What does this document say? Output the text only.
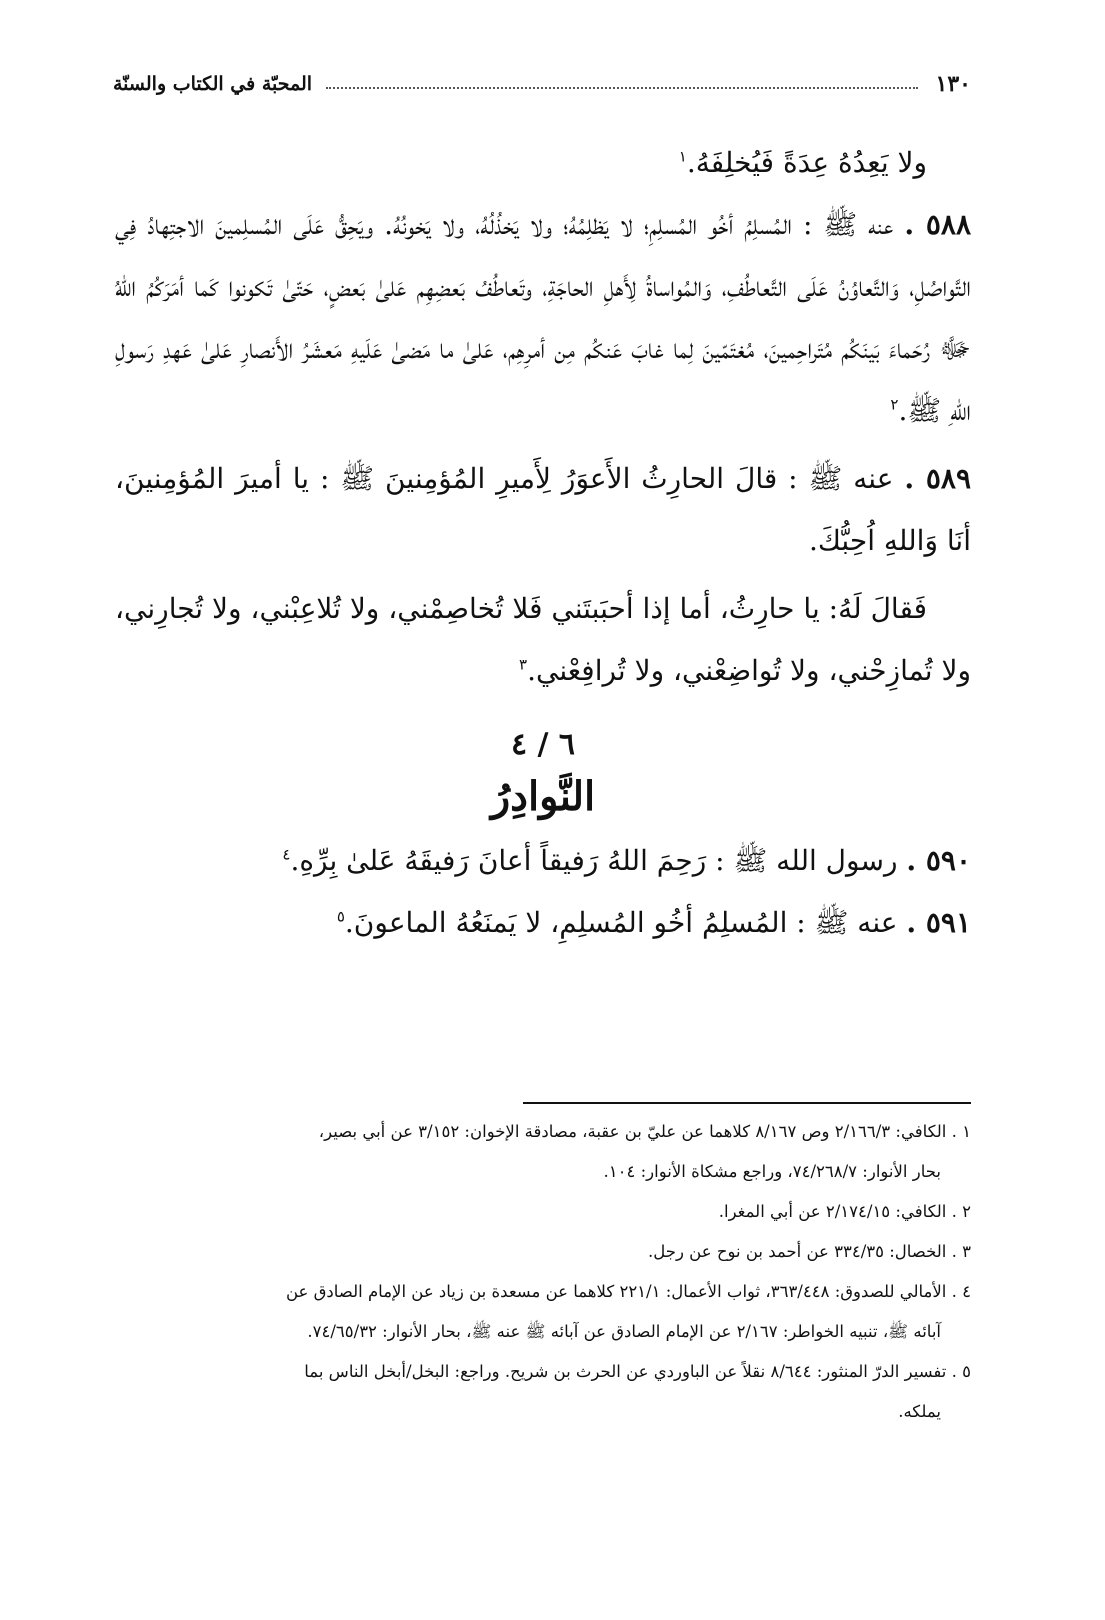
١٣٠
المحبّة في الكتاب والسنّة

ولا يَعِدُهُ عِدَةً فَيُخلِفَهُ.$^١$

٥٨٨ . عنه ﷺ : المُسلِمُ أخُو المُسلِمِ؛ لا يَظلِمُهُ؛ ولا يَخذُلُهُ، ولا يَخونُهُ. ويَحِقُّ عَلَى المُسلِمينَ الاجتِهادُ فِي التَّواصُلِ، وَالتَّعاوُنُ عَلَى التَّعاطُفِ، وَالمُواساةُ لِأَهلِ الحاجَةِ، وتَعاطُفُ بَعضِهِم عَلىٰ بَعضٍ، حَتّىٰ تَكونوا كَما أمَرَكُمُ اللهُ ﷻ رُحَماءَ بَينَكُم مُتَراحِمينَ، مُغتَمّينَ لِما غابَ عَنكُم مِن أمرِهِم، عَلىٰ ما مَضىٰ عَلَيهِ مَعشَرُ الأَنصارِ عَلىٰ عَهدِ رَسولِ اللهِ ﷺ.$^٢$

٥٨٩ . عنه ﷺ : قالَ الحارِثُ الأَعوَرُ لِأَميرِ المُؤمِنينَ ﷺ : يا أميرَ المُؤمِنينَ، أنَا وَاللهِ اُحِبُّكَ.

فَقالَ لَهُ: يا حارِثُ، أما إذا أحبَبتَني فَلا تُخاصِمْني، ولا تُلاعِبْني، ولا تُجارِني، ولا تُمازِحْني، ولا تُواضِعْني، ولا تُرافِعْني.$^٣$

٦ / ٤
النَّوادِرُ

٥٩٠ . رسول الله ﷺ : رَحِمَ اللهُ رَفيقاً أعانَ رَفيقَهُ عَلىٰ بِرِّهِ.$^٤$

٥٩١ . عنه ﷺ : المُسلِمُ أخُو المُسلِمِ، لا يَمنَعُهُ الماعونَ.$^٥$

١ . الكافي: ٢/١٦٦/٣ وص ٨/١٦٧ كلاهما عن عليّ بن عقبة، مصادقة الإخوان: ٣/١٥٢ عن أبي بصير،
بحار الأنوار: ٧٤/٢٦٨/٧، وراجع مشكاة الأنوار: ١٠٤.

٢ . الكافي: ٢/١٧٤/١٥ عن أبي المغرا.

٣ . الخصال: ٣٣٤/٣٥ عن أحمد بن نوح عن رجل.

٤ . الأمالي للصدوق: ٣٦٣/٤٤٨، ثواب الأعمال: ٢٢١/١ كلاهما عن مسعدة بن زياد عن الإمام الصادق عن
آبائه ﷺ، تنبيه الخواطر: ٢/١٦٧ عن الإمام الصادق عن آبائه ﷺ عنه ﷺ، بحار الأنوار: ٧٤/٦٥/٣٢.

٥ . تفسير الدرّ المنثور: ٨/٦٤٤ نقلاً عن الباوردي عن الحرث بن شريح. وراجع: البخل/أبخل الناس بما
يملكه.
